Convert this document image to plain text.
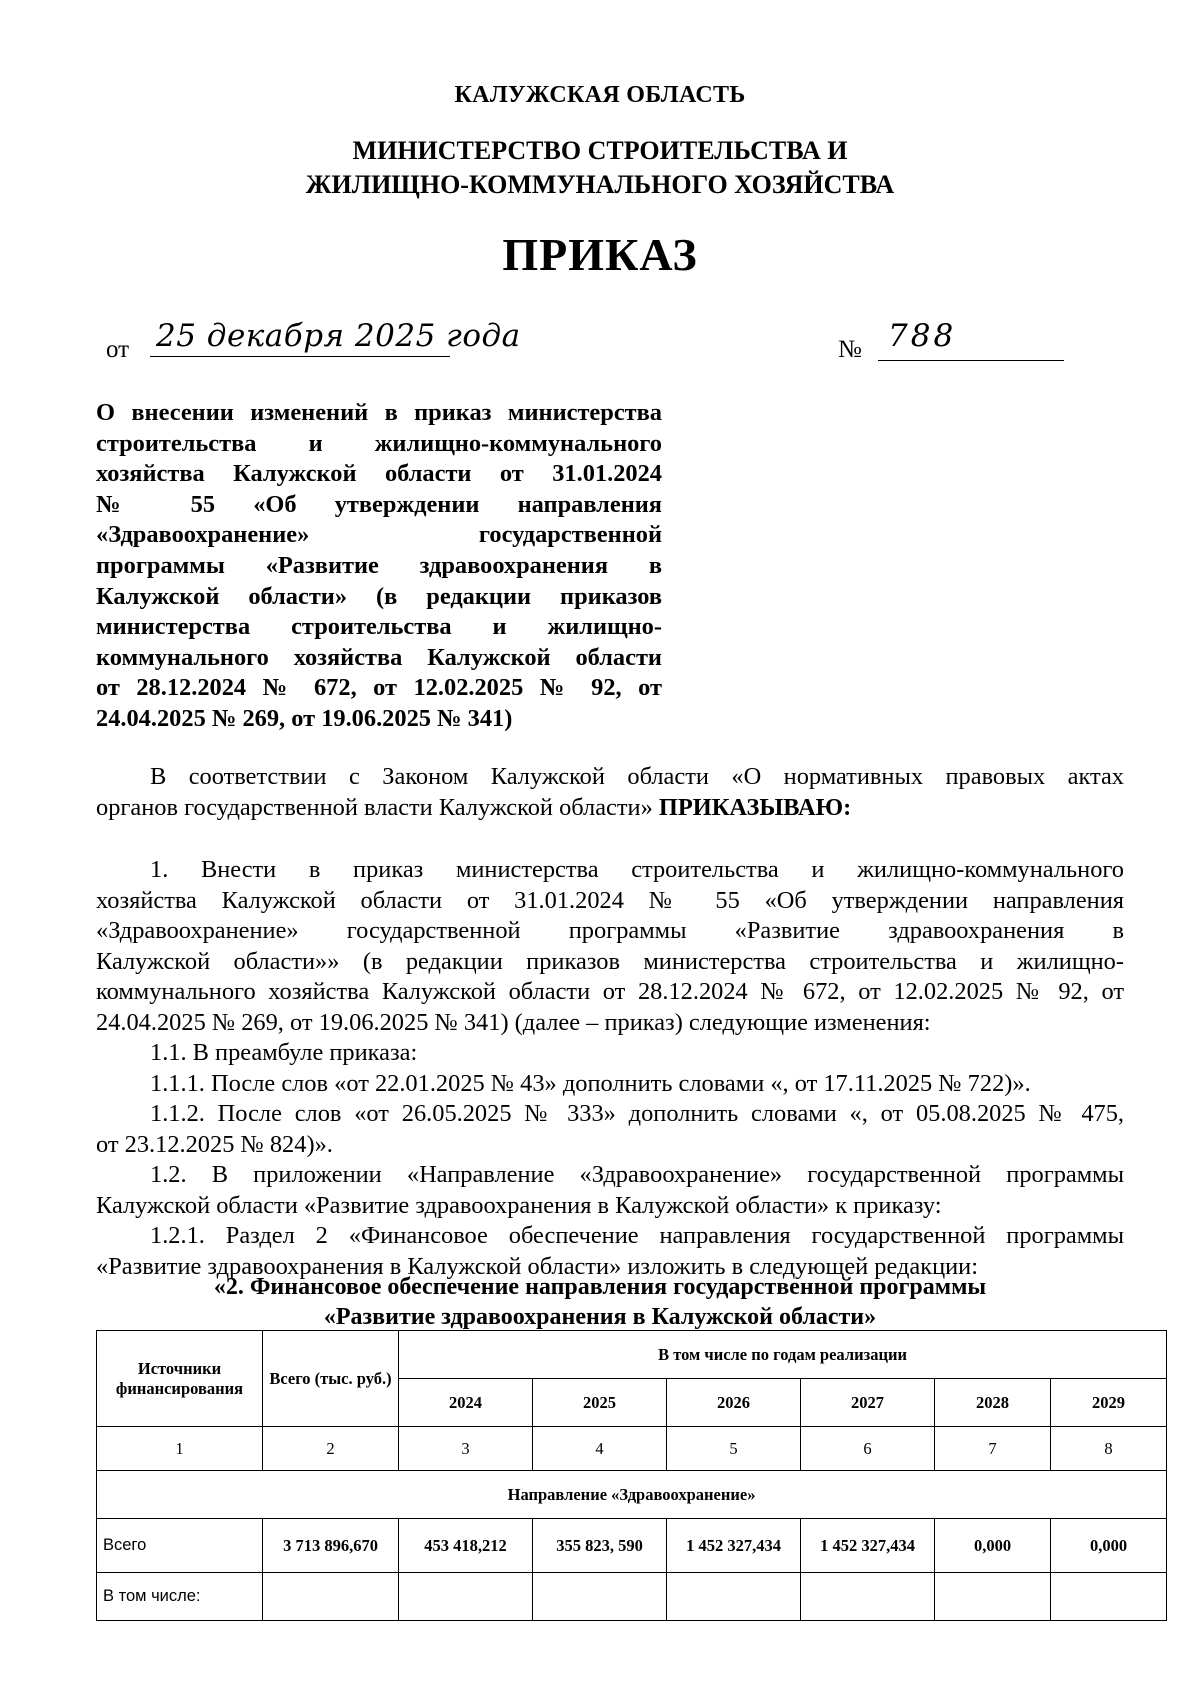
КАЛУЖСКАЯ ОБЛАСТЬ
МИНИСТЕРСТВО СТРОИТЕЛЬСТВА И
ЖИЛИЩНО-КОММУНАЛЬНОГО ХОЗЯЙСТВА
ПРИКАЗ
от 25 декабря 2025 года	№ 788
О внесении изменений в приказ министерства
строительства и жилищно-коммунального
хозяйства Калужской области от 31.01.2024
№ 55 «Об утверждении направления
«Здравоохранение» государственной
программы «Развитие здравоохранения в
Калужской области» (в редакции приказов
министерства строительства и жилищно-
коммунального хозяйства Калужской области
от 28.12.2024 № 672, от 12.02.2025 № 92, от
24.04.2025 № 269, от 19.06.2025 № 341)
В соответствии с Законом Калужской области «О нормативных правовых актах
органов государственной власти Калужской области» ПРИКАЗЫВАЮ:
1. Внести в приказ министерства строительства и жилищно-коммунального
хозяйства Калужской области от 31.01.2024 № 55 «Об утверждении направления
«Здравоохранение» государственной программы «Развитие здравоохранения в
Калужской области»» (в редакции приказов министерства строительства и жилищно-
коммунального хозяйства Калужской области от 28.12.2024 № 672, от 12.02.2025 № 92, от
24.04.2025 № 269, от 19.06.2025 № 341) (далее – приказ) следующие изменения:
1.1. В преамбуле приказа:
1.1.1. После слов «от 22.01.2025 № 43» дополнить словами «, от 17.11.2025 № 722)».
1.1.2. После слов «от 26.05.2025 № 333» дополнить словами «, от 05.08.2025 № 475,
от 23.12.2025 № 824)».
1.2. В приложении «Направление «Здравоохранение» государственной программы
Калужской области «Развитие здравоохранения в Калужской области» к приказу:
1.2.1. Раздел 2 «Финансовое обеспечение направления государственной программы
«Развитие здравоохранения в Калужской области» изложить в следующей редакции:
«2. Финансовое обеспечение направления государственной программы
«Развитие здравоохранения в Калужской области»
Источники финансирования	Всего (тыс. руб.)	В том числе по годам реализации					
		2024	2025	2026	2027	2028	2029
1	2	3	4	5	6	7	8
Направление «Здравоохранение»							
Всего	3 713 896,670	453 418,212	355 823, 590	1 452 327,434	1 452 327,434	0,000	0,000
В том числе:							
